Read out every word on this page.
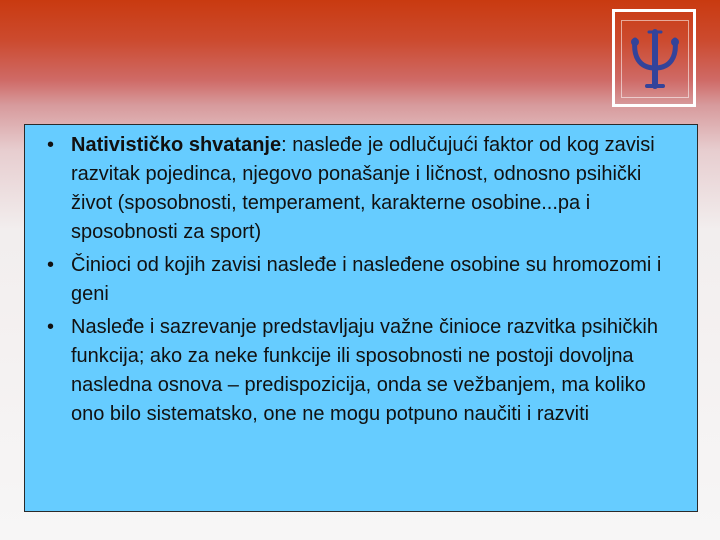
• Nativističko shvatanje: nasleđe je odlučujući faktor od kog zavisi razvitak pojedinca, njegovo ponašanje i ličnost, odnosno psihički život (sposobnosti, temperament, karakterne osobine...pa i sposobnosti za sport)
• Činioci od kojih zavisi nasleđe i nasleđene osobine su hromozomi i geni
• Nasleđe i sazrevanje predstavljaju važne činioce razvitka psihičkih funkcija; ako za neke funkcije ili sposobnosti ne postoji dovoljna nasledna osnova – predispozicija, onda se vežbanjem, ma koliko ono bilo sistematsko, one ne mogu potpuno naučiti i razviti
